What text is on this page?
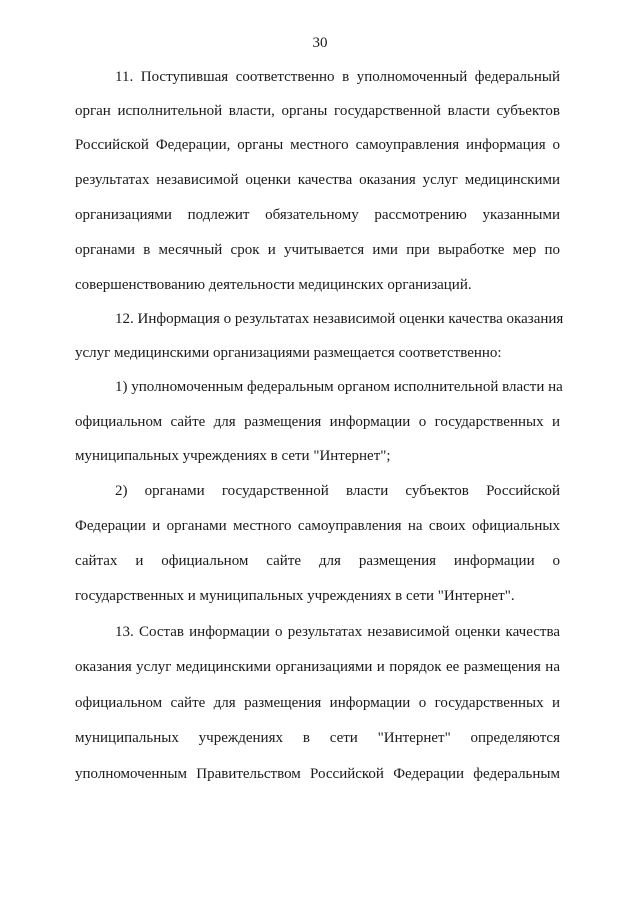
30
11. Поступившая соответственно в уполномоченный федеральный
орган исполнительной власти, органы государственной власти субъектов
Российской Федерации, органы местного самоуправления информация о
результатах независимой оценки качества оказания услуг медицинскими
организациями подлежит обязательному рассмотрению указанными
органами в месячный срок и учитывается ими при выработке мер по
совершенствованию деятельности медицинских организаций.
12. Информация о результатах независимой оценки качества оказания
услуг медицинскими организациями размещается соответственно:
1) уполномоченным федеральным органом исполнительной власти на
официальном сайте для размещения информации о государственных и
муниципальных учреждениях в сети "Интернет";
2) органами государственной власти субъектов Российской
Федерации и органами местного самоуправления на своих официальных
сайтах и официальном сайте для размещения информации о
государственных и муниципальных учреждениях в сети "Интернет".
13. Состав информации о результатах независимой оценки качества
оказания услуг медицинскими организациями и порядок ее размещения на
официальном сайте для размещения информации о государственных и
муниципальных учреждениях в сети "Интернет" определяются
уполномоченным Правительством Российской Федерации федеральным
